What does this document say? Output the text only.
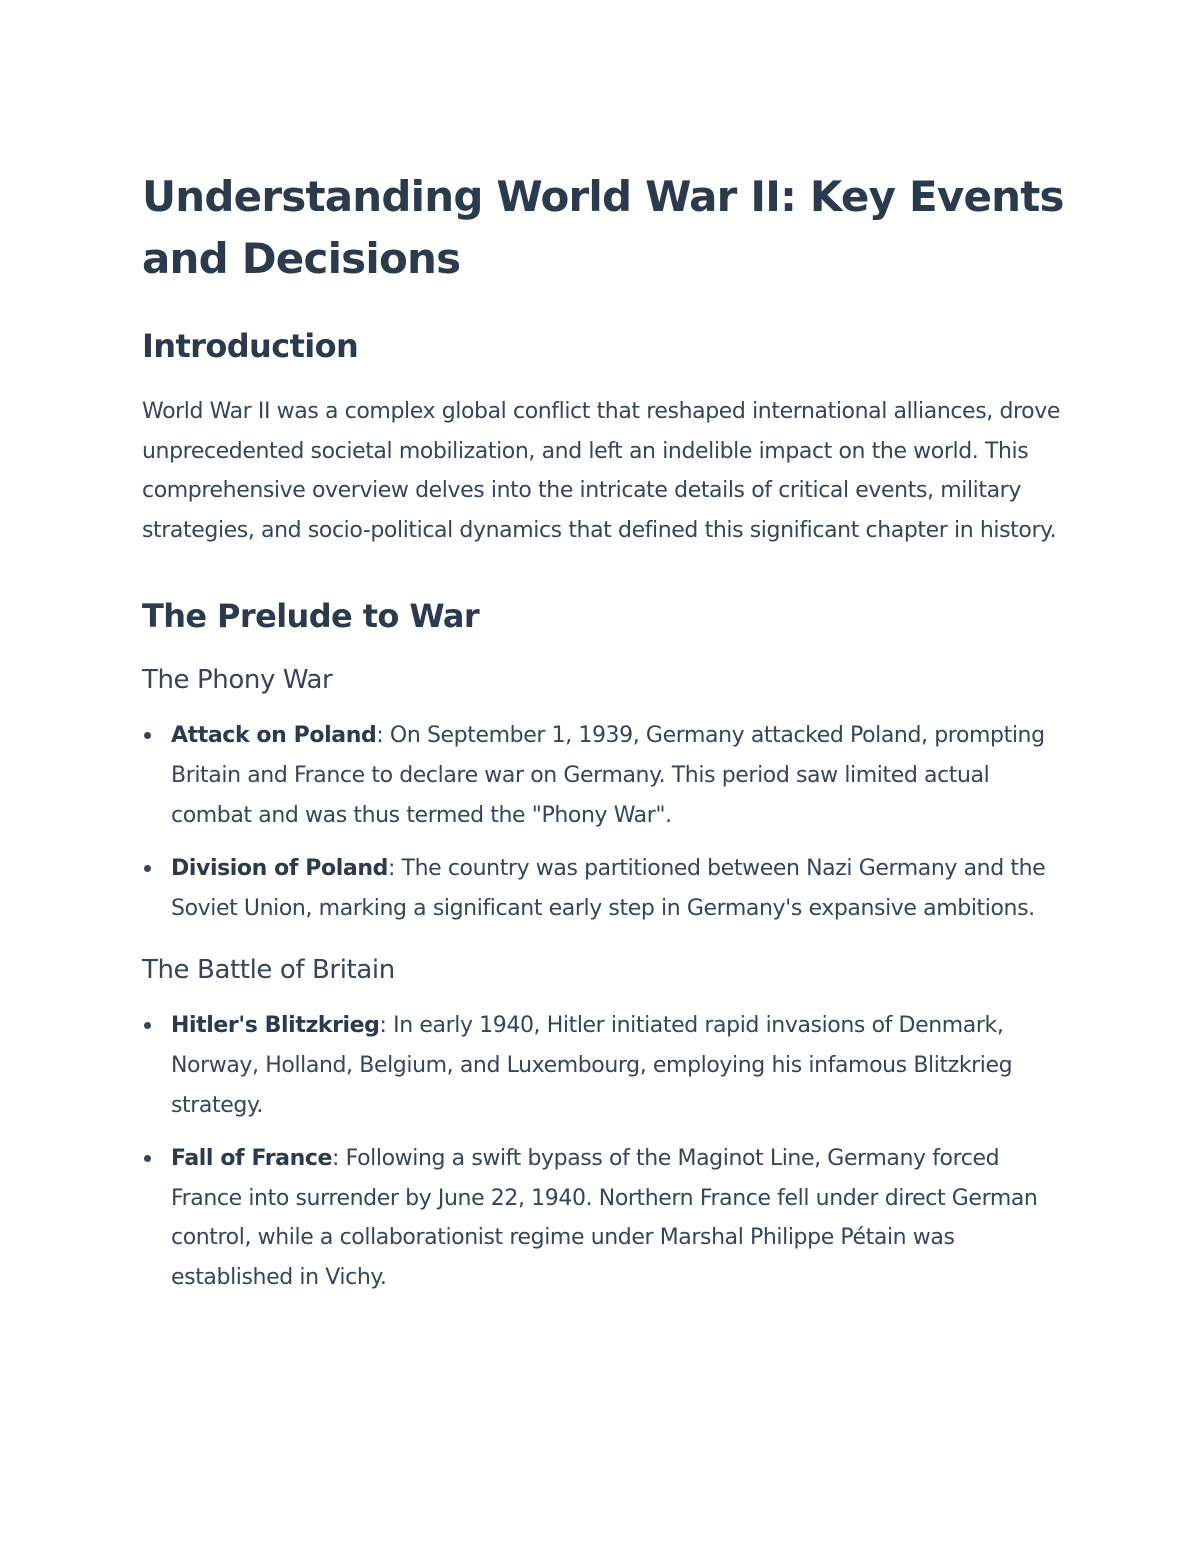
Understanding World War II: Key Events and Decisions
Introduction

World War II was a complex global conflict that reshaped international alliances, drove unprecedented societal mobilization, and left an indelible impact on the world. This comprehensive overview delves into the intricate details of critical events, military strategies, and socio-political dynamics that defined this significant chapter in history.

The Prelude to War
The Phony War
Attack on Poland: On September 1, 1939, Germany attacked Poland, prompting Britain and France to declare war on Germany. This period saw limited actual combat and was thus termed the "Phony War".
Division of Poland: The country was partitioned between Nazi Germany and the Soviet Union, marking a significant early step in Germany's expansive ambitions.
The Battle of Britain
Hitler's Blitzkrieg: In early 1940, Hitler initiated rapid invasions of Denmark, Norway, Holland, Belgium, and Luxembourg, employing his infamous Blitzkrieg strategy.
Fall of France: Following a swift bypass of the Maginot Line, Germany forced France into surrender by June 22, 1940. Northern France fell under direct German control, while a collaborationist regime under Marshal Philippe Pétain was established in Vichy.
